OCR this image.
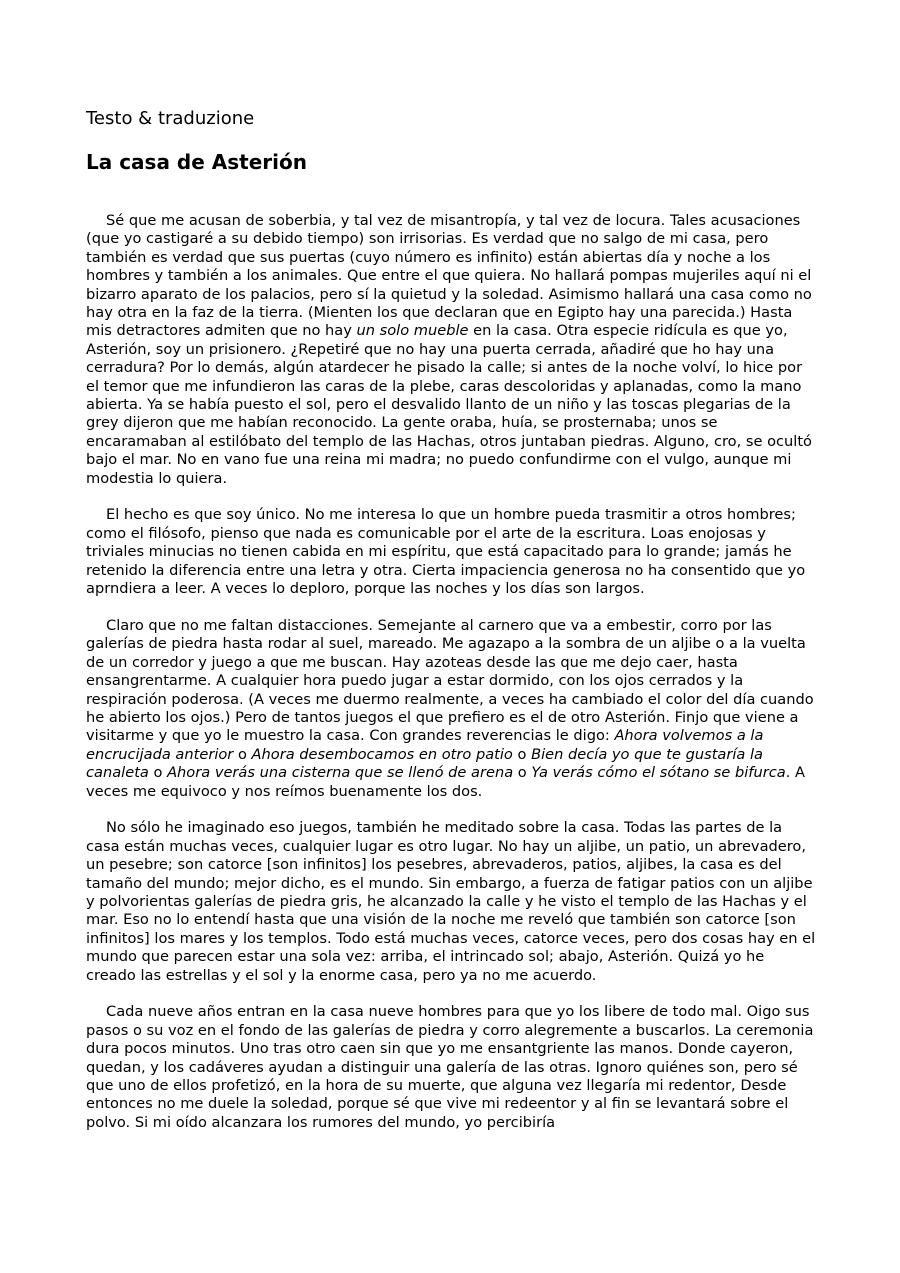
Testo & traduzione
La casa de Asterión

Sé que me acusan de soberbia, y tal vez de misantropía, y tal vez de locura. Tales acusaciones (que yo castigaré a su debido tiempo) son irrisorias. Es verdad que no salgo de mi casa, pero también es verdad que sus puertas (cuyo número es infinito) están abiertas día y noche a los hombres y también a los animales. Que entre el que quiera. No hallará pompas mujeriles aquí ni el bizarro aparato de los palacios, pero sí la quietud y la soledad. Asimismo hallará una casa como no hay otra en la faz de la tierra. (Mienten los que declaran que en Egipto hay una parecida.) Hasta mis detractores admiten que no hay un solo mueble en la casa. Otra especie ridícula es que yo, Asterión, soy un prisionero. ¿Repetiré que no hay una puerta cerrada, añadiré que ho hay una cerradura? Por lo demás, algún atardecer he pisado la calle; si antes de la noche volví, lo hice por el temor que me infundieron las caras de la plebe, caras descoloridas y aplanadas, como la mano abierta. Ya se había puesto el sol, pero el desvalido llanto de un niño y las toscas plegarias de la grey dijeron que me habían reconocido. La gente oraba, huía, se prosternaba; unos se encaramaban al estilóbato del templo de las Hachas, otros juntaban piedras. Alguno, cro, se ocultó bajo el mar. No en vano fue una reina mi madra; no puedo confundirme con el vulgo, aunque mi modestia lo quiera.

El hecho es que soy único. No me interesa lo que un hombre pueda trasmitir a otros hombres; como el filósofo, pienso que nada es comunicable por el arte de la escritura. Loas enojosas y triviales minucias no tienen cabida en mi espíritu, que está capacitado para lo grande; jamás he retenido la diferencia entre una letra y otra. Cierta impaciencia generosa no ha consentido que yo aprndiera a leer. A veces lo deploro, porque las noches y los días son largos.

Claro que no me faltan distacciones. Semejante al carnero que va a embestir, corro por las galerías de piedra hasta rodar al suel, mareado. Me agazapo a la sombra de un aljibe o a la vuelta de un corredor y juego a que me buscan. Hay azoteas desde las que me dejo caer, hasta ensangrentarme. A cualquier hora puedo jugar a estar dormido, con los ojos cerrados y la respiración poderosa. (A veces me duermo realmente, a veces ha cambiado el color del día cuando he abierto los ojos.) Pero de tantos juegos el que prefiero es el de otro Asterión. Finjo que viene a visitarme y que yo le muestro la casa. Con grandes reverencias le digo: Ahora volvemos a la encrucijada anterior o Ahora desembocamos en otro patio o Bien decía yo que te gustaría la canaleta o Ahora verás una cisterna que se llenó de arena o Ya verás cómo el sótano se bifurca. A veces me equivoco y nos reímos buenamente los dos.

No sólo he imaginado eso juegos, también he meditado sobre la casa. Todas las partes de la casa están muchas veces, cualquier lugar es otro lugar. No hay un aljibe, un patio, un abrevadero, un pesebre; son catorce [son infinitos] los pesebres, abrevaderos, patios, aljibes, la casa es del tamaño del mundo; mejor dicho, es el mundo. Sin embargo, a fuerza de fatigar patios con un aljibe y polvorientas galerías de piedra gris, he alcanzado la calle y he visto el templo de las Hachas y el mar. Eso no lo entendí hasta que una visión de la noche me reveló que también son catorce [son infinitos] los mares y los templos. Todo está muchas veces, catorce veces, pero dos cosas hay en el mundo que parecen estar una sola vez: arriba, el intrincado sol; abajo, Asterión. Quizá yo he creado las estrellas y el sol y la enorme casa, pero ya no me acuerdo.

Cada nueve años entran en la casa nueve hombres para que yo los libere de todo mal. Oigo sus pasos o su voz en el fondo de las galerías de piedra y corro alegremente a buscarlos. La ceremonia dura pocos minutos. Uno tras otro caen sin que yo me ensantgriente las manos. Donde cayeron, quedan, y los cadáveres ayudan a distinguir una galería de las otras. Ignoro quiénes son, pero sé que uno de ellos profetizó, en la hora de su muerte, que alguna vez llegaría mi redentor, Desde entonces no me duele la soledad, porque sé que vive mi redeentor y al fin se levantará sobre el polvo. Si mi oído alcanzara los rumores del mundo, yo percibiría
